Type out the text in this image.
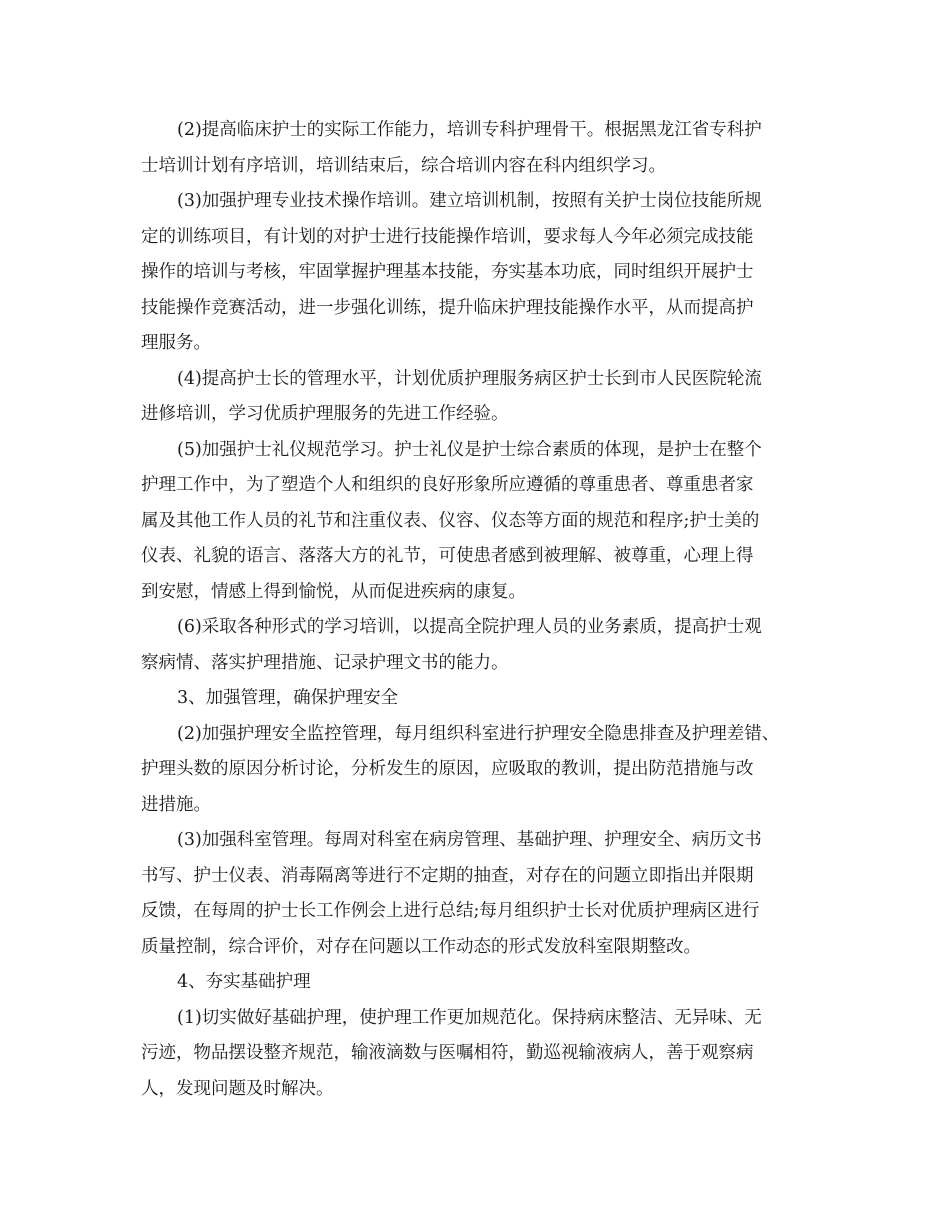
(2)提高临床护士的实际工作能力，培训专科护理骨干。根据黑龙江省专科护
士培训计划有序培训，培训结束后，综合培训内容在科内组织学习。
(3)加强护理专业技术操作培训。建立培训机制，按照有关护士岗位技能所规
定的训练项目，有计划的对护士进行技能操作培训，要求每人今年必须完成技能
操作的培训与考核，牢固掌握护理基本技能，夯实基本功底，同时组织开展护士
技能操作竞赛活动，进一步强化训练，提升临床护理技能操作水平，从而提高护
理服务。
(4)提高护士长的管理水平，计划优质护理服务病区护士长到市人民医院轮流
进修培训，学习优质护理服务的先进工作经验。
(5)加强护士礼仪规范学习。护士礼仪是护士综合素质的体现，是护士在整个
护理工作中，为了塑造个人和组织的良好形象所应遵循的尊重患者、尊重患者家
属及其他工作人员的礼节和注重仪表、仪容、仪态等方面的规范和程序;护士美的
仪表、礼貌的语言、落落大方的礼节，可使患者感到被理解、被尊重，心理上得
到安慰，情感上得到愉悦，从而促进疾病的康复。
(6)采取各种形式的学习培训，以提高全院护理人员的业务素质，提高护士观
察病情、落实护理措施、记录护理文书的能力。
3、加强管理，确保护理安全
(2)加强护理安全监控管理，每月组织科室进行护理安全隐患排查及护理差错、
护理头数的原因分析讨论，分析发生的原因，应吸取的教训，提出防范措施与改
进措施。
(3)加强科室管理。每周对科室在病房管理、基础护理、护理安全、病历文书
书写、护士仪表、消毒隔离等进行不定期的抽查，对存在的问题立即指出并限期
反馈，在每周的护士长工作例会上进行总结;每月组织护士长对优质护理病区进行
质量控制，综合评价，对存在问题以工作动态的形式发放科室限期整改。
4、夯实基础护理
(1)切实做好基础护理，使护理工作更加规范化。保持病床整洁、无异味、无
污迹，物品摆设整齐规范，输液滴数与医嘱相符，勤巡视输液病人，善于观察病
人，发现问题及时解决。
